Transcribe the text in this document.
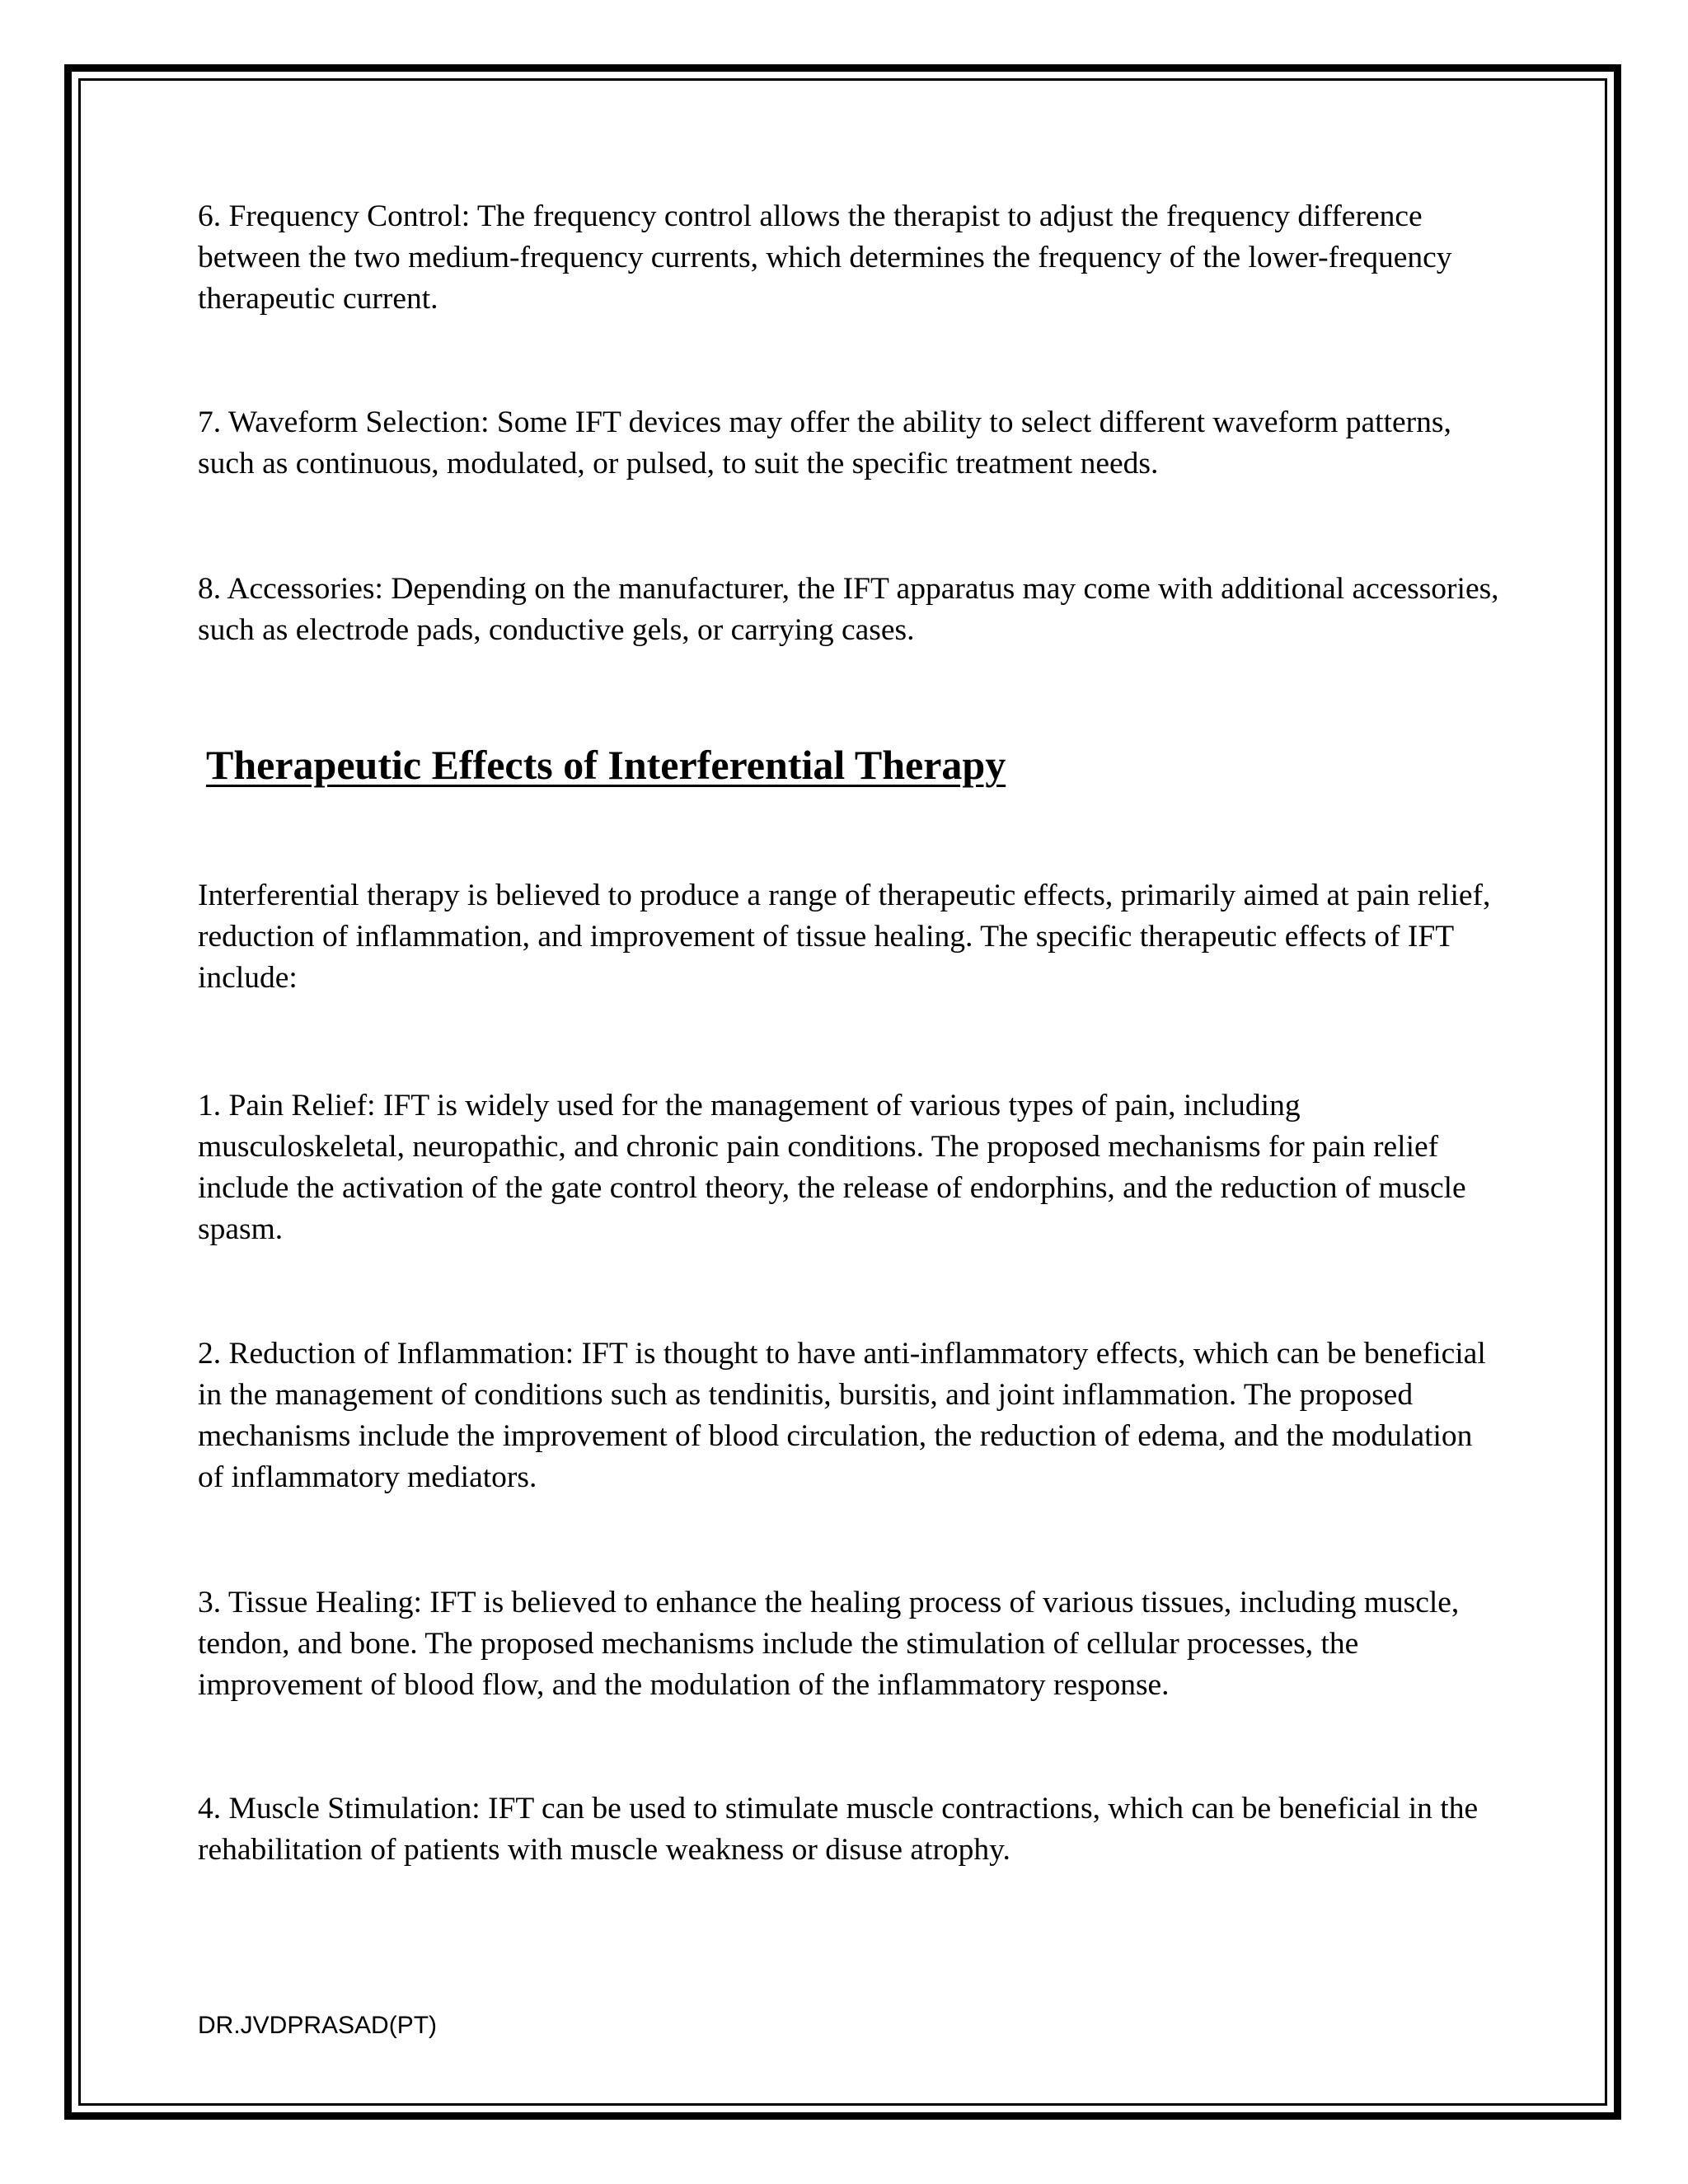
6. Frequency Control: The frequency control allows the therapist to adjust the frequency difference between the two medium-frequency currents, which determines the frequency of the lower-frequency therapeutic current.

7. Waveform Selection: Some IFT devices may offer the ability to select different waveform patterns, such as continuous, modulated, or pulsed, to suit the specific treatment needs.

8. Accessories: Depending on the manufacturer, the IFT apparatus may come with additional accessories, such as electrode pads, conductive gels, or carrying cases.

Therapeutic Effects of Interferential Therapy

Interferential therapy is believed to produce a range of therapeutic effects, primarily aimed at pain relief, reduction of inflammation, and improvement of tissue healing. The specific therapeutic effects of IFT include:

1. Pain Relief: IFT is widely used for the management of various types of pain, including musculoskeletal, neuropathic, and chronic pain conditions. The proposed mechanisms for pain relief include the activation of the gate control theory, the release of endorphins, and the reduction of muscle spasm.

2. Reduction of Inflammation: IFT is thought to have anti-inflammatory effects, which can be beneficial in the management of conditions such as tendinitis, bursitis, and joint inflammation. The proposed mechanisms include the improvement of blood circulation, the reduction of edema, and the modulation of inflammatory mediators.

3. Tissue Healing: IFT is believed to enhance the healing process of various tissues, including muscle, tendon, and bone. The proposed mechanisms include the stimulation of cellular processes, the improvement of blood flow, and the modulation of the inflammatory response.

4. Muscle Stimulation: IFT can be used to stimulate muscle contractions, which can be beneficial in the rehabilitation of patients with muscle weakness or disuse atrophy.

DR.JVDPRASAD(PT)
